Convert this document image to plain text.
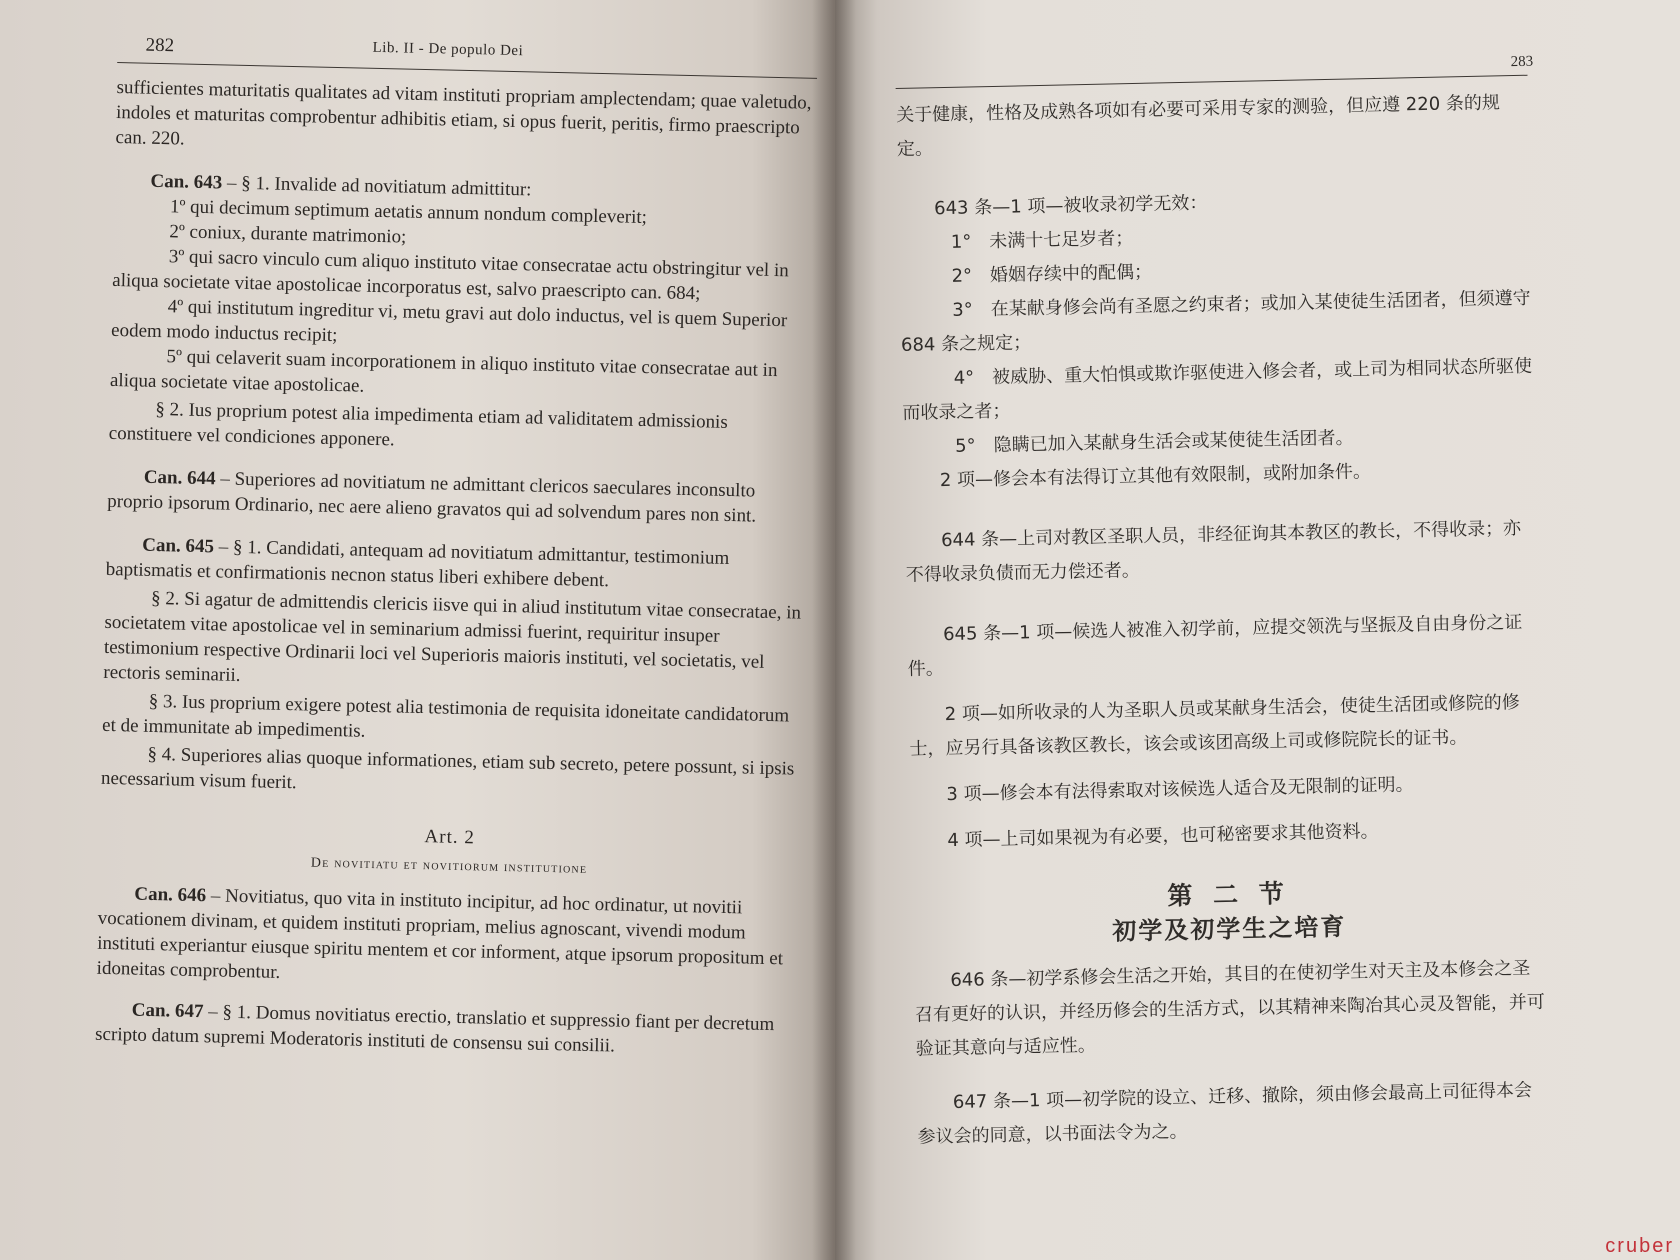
282	Lib. II - De populo Dei

sufficientes maturitatis qualitates ad vitam instituti propriam amplectendam; quae valetudo, indoles et maturitas comprobentur adhibitis etiam, si opus fuerit, peritis, firmo praescripto can. 220.

Can. 643 – § 1. Invalide ad novitiatum admittitur:

1º qui decimum septimum aetatis annum nondum compleverit;

2º coniux, durante matrimonio;

3º qui sacro vinculo cum aliquo instituto vitae consecratae actu obstringitur vel in aliqua societate vitae apostolicae incorporatus est, salvo praescripto can. 684;

4º qui institutum ingreditur vi, metu gravi aut dolo inductus, vel is quem Superior eodem modo inductus recipit;

5º qui celaverit suam incorporationem in aliquo instituto vitae consecratae aut in aliqua societate vitae apostolicae.

§ 2. Ius proprium potest alia impedimenta etiam ad validitatem admissionis constituere vel condiciones apponere.

Can. 644 – Superiores ad novitiatum ne admittant clericos saeculares inconsulto proprio ipsorum Ordinario, nec aere alieno gravatos qui ad solvendum pares non sint.

Can. 645 – § 1. Candidati, antequam ad novitiatum admittantur, testimonium baptismatis et confirmationis necnon status liberi exhibere debent.

§ 2. Si agatur de admittendis clericis iisve qui in aliud institutum vitae consecratae, in societatem vitae apostolicae vel in seminarium admissi fuerint, requiritur insuper testimonium respective Ordinarii loci vel Superioris maioris instituti, vel societatis, vel rectoris seminarii.

§ 3. Ius proprium exigere potest alia testimonia de requisita idoneitate candidatorum et de immunitate ab impedimentis.

§ 4. Superiores alias quoque informationes, etiam sub secreto, petere possunt, si ipsis necessarium visum fuerit.

Art. 2

De novitiatu et novitiorum institutione

Can. 646 – Novitiatus, quo vita in instituto incipitur, ad hoc ordinatur, ut novitii vocationem divinam, et quidem instituti propriam, melius agnoscant, vivendi modum instituti experiantur eiusque spiritu mentem et cor informent, atque ipsorum propositum et idoneitas comprobentur.

Can. 647 – § 1. Domus novitiatus erectio, translatio et suppressio fiant per decretum scripto datum supremi Moderatoris instituti de consensu sui consilii.

283

关于健康，性格及成熟各项如有必要可采用专家的测验，但应遵 220 条的规定。

643 条—1 项—被收录初学无效：

1°　未满十七足岁者；

2°　婚姻存续中的配偶；

3°　在某献身修会尚有圣愿之约束者；或加入某使徒生活团者，但须遵守 684 条之规定；

4°　被威胁、重大怕惧或欺诈驱使进入修会者，或上司为相同状态所驱使而收录之者；

5°　隐瞒已加入某献身生活会或某使徒生活团者。

2 项—修会本有法得订立其他有效限制，或附加条件。

644 条—上司对教区圣职人员，非经征询其本教区的教长，不得收录；亦不得收录负债而无力偿还者。

645 条—1 项—候选人被准入初学前，应提交领洗与坚振及自由身份之证件。

2 项—如所收录的人为圣职人员或某献身生活会，使徒生活团或修院的修士，应另行具备该教区教长，该会或该团高级上司或修院院长的证书。

3 项—修会本有法得索取对该候选人适合及无限制的证明。

4 项—上司如果视为有必要，也可秘密要求其他资料。

第 二 节

初学及初学生之培育

646 条—初学系修会生活之开始，其目的在使初学生对天主及本修会之圣召有更好的认识，并经历修会的生活方式，以其精神来陶冶其心灵及智能，并可验证其意向与适应性。

647 条—1 项—初学院的设立、迁移、撤除，须由修会最高上司征得本会参议会的同意，以书面法令为之。

cruber
